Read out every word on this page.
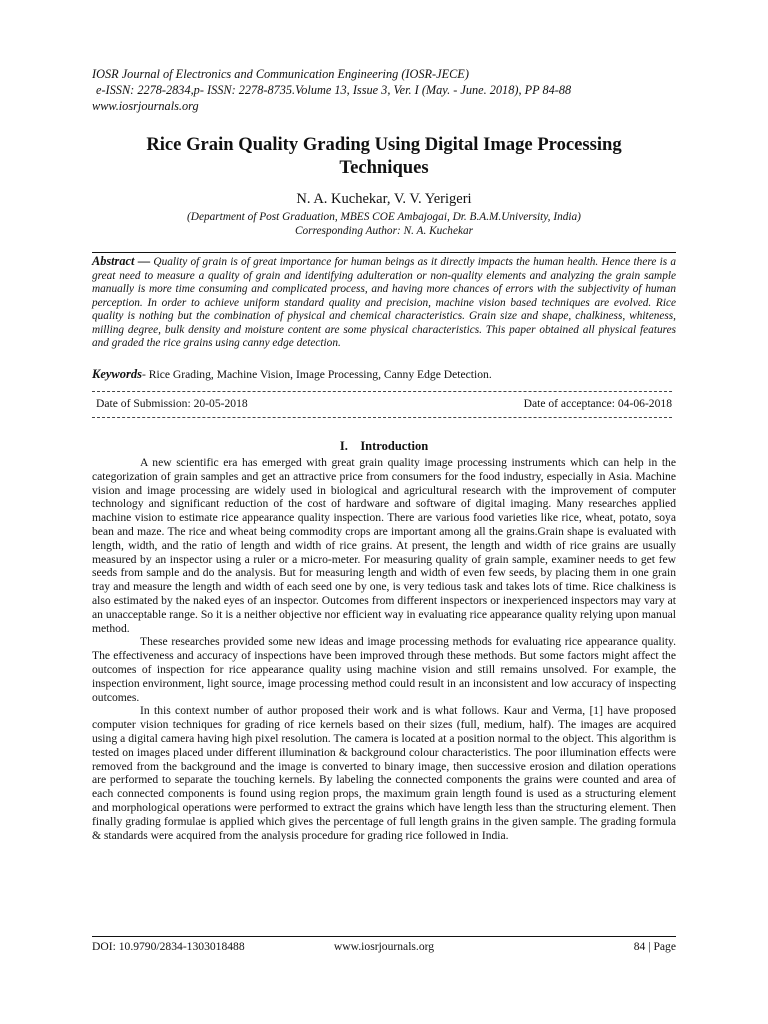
IOSR Journal of Electronics and Communication Engineering (IOSR-JECE)
e-ISSN: 2278-2834,p- ISSN: 2278-8735.Volume 13, Issue 3, Ver. I (May. - June. 2018), PP 84-88
www.iosrjournals.org
Rice Grain Quality Grading Using Digital Image Processing
Techniques
N. A. Kuchekar, V. V. Yerigeri
(Department of Post Graduation, MBES COE Ambajogai, Dr. B.A.M.University, India)
Corresponding Author: N. A. Kuchekar
Abstract — Quality of grain is of great importance for human beings as it directly impacts the human health. Hence there is a great need to measure a quality of grain and identifying adulteration or non-quality elements and analyzing the grain sample manually is more time consuming and complicated process, and having more chances of errors with the subjectivity of human perception. In order to achieve uniform standard quality and precision, machine vision based techniques are evolved. Rice quality is nothing but the combination of physical and chemical characteristics. Grain size and shape, chalkiness, whiteness, milling degree, bulk density and moisture content are some physical characteristics. This paper obtained all physical features and graded the rice grains using canny edge detection.
Keywords- Rice Grading, Machine Vision, Image Processing, Canny Edge Detection.
Date of Submission: 20-05-2018	Date of acceptance: 04-06-2018
I. Introduction

A new scientific era has emerged with great grain quality image processing instruments which can help in the categorization of grain samples and get an attractive price from consumers for the food industry, especially in Asia. Machine vision and image processing are widely used in biological and agricultural research with the improvement of computer technology and significant reduction of the cost of hardware and software of digital imaging. Many researches applied machine vision to estimate rice appearance quality inspection. There are various food varieties like rice, wheat, potato, soya bean and maze. The rice and wheat being commodity crops are important among all the grains.Grain shape is evaluated with length, width, and the ratio of length and width of rice grains. At present, the length and width of rice grains are usually measured by an inspector using a ruler or a micro-meter. For measuring quality of grain sample, examiner needs to get few seeds from sample and do the analysis. But for measuring length and width of even few seeds, by placing them in one grain tray and measure the length and width of each seed one by one, is very tedious task and takes lots of time. Rice chalkiness is also estimated by the naked eyes of an inspector. Outcomes from different inspectors or inexperienced inspectors may vary at an unacceptable range. So it is a neither objective nor efficient way in evaluating rice appearance quality relying upon manual method.

These researches provided some new ideas and image processing methods for evaluating rice appearance quality. The effectiveness and accuracy of inspections have been improved through these methods. But some factors might affect the outcomes of inspection for rice appearance quality using machine vision and still remains unsolved. For example, the inspection environment, light source, image processing method could result in an inconsistent and low accuracy of inspecting outcomes.

In this context number of author proposed their work and is what follows. Kaur and Verma, [1] have proposed computer vision techniques for grading of rice kernels based on their sizes (full, medium, half). The images are acquired using a digital camera having high pixel resolution. The camera is located at a position normal to the object. This algorithm is tested on images placed under different illumination & background colour characteristics. The poor illumination effects were removed from the background and the image is converted to binary image, then successive erosion and dilation operations are performed to separate the touching kernels. By labeling the connected components the grains were counted and area of each connected components is found using region props, the maximum grain length found is used as a structuring element and morphological operations were performed to extract the grains which have length less than the structuring element. Then finally grading formulae is applied which gives the percentage of full length grains in the given sample. The grading formula & standards were acquired from the analysis procedure for grading rice followed in India.

www.iosrjournals.org
DOI: 10.9790/2834-1303018488	84 | Page
